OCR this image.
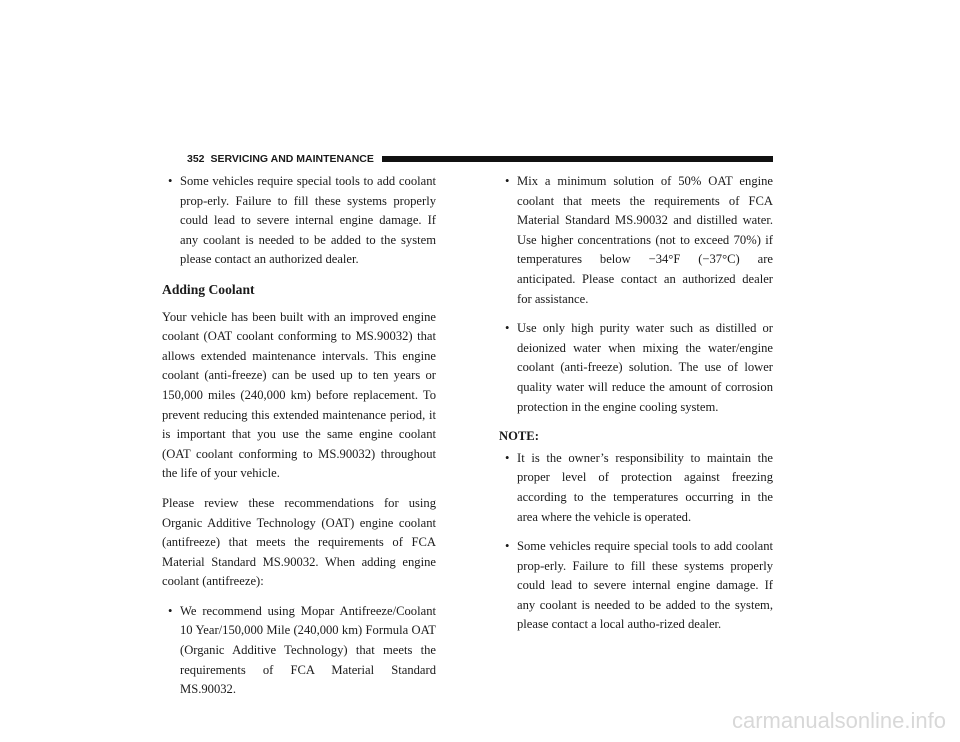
352 SERVICING AND MAINTENANCE
• Some vehicles require special tools to add coolant prop-erly. Failure to fill these systems properly could lead to severe internal engine damage. If any coolant is needed to be added to the system please contact an authorized dealer.
Adding Coolant

Your vehicle has been built with an improved engine coolant (OAT coolant conforming to MS.90032) that allows extended maintenance intervals. This engine coolant (anti-freeze) can be used up to ten years or 150,000 miles (240,000 km) before replacement. To prevent reducing this extended maintenance period, it is important that you use the same engine coolant (OAT coolant conforming to MS.90032) throughout the life of your vehicle.

Please review these recommendations for using Organic Additive Technology (OAT) engine coolant (antifreeze) that meets the requirements of FCA Material Standard MS.90032. When adding engine coolant (antifreeze):

• We recommend using Mopar Antifreeze/Coolant 10 Year/150,000 Mile (240,000 km) Formula OAT (Organic Additive Technology) that meets the requirements of FCA Material Standard MS.90032.
• Mix a minimum solution of 50% OAT engine coolant that meets the requirements of FCA Material Standard MS.90032 and distilled water. Use higher concentrations (not to exceed 70%) if temperatures below −34°F (−37°C) are anticipated. Please contact an authorized dealer for assistance.
• Use only high purity water such as distilled or deionized water when mixing the water/engine coolant (anti-freeze) solution. The use of lower quality water will reduce the amount of corrosion protection in the engine cooling system.
NOTE:
• It is the owner’s responsibility to maintain the proper level of protection against freezing according to the temperatures occurring in the area where the vehicle is operated.
• Some vehicles require special tools to add coolant prop-erly. Failure to fill these systems properly could lead to severe internal engine damage. If any coolant is needed to be added to the system, please contact a local autho-rized dealer.
carmanualsonline.info
